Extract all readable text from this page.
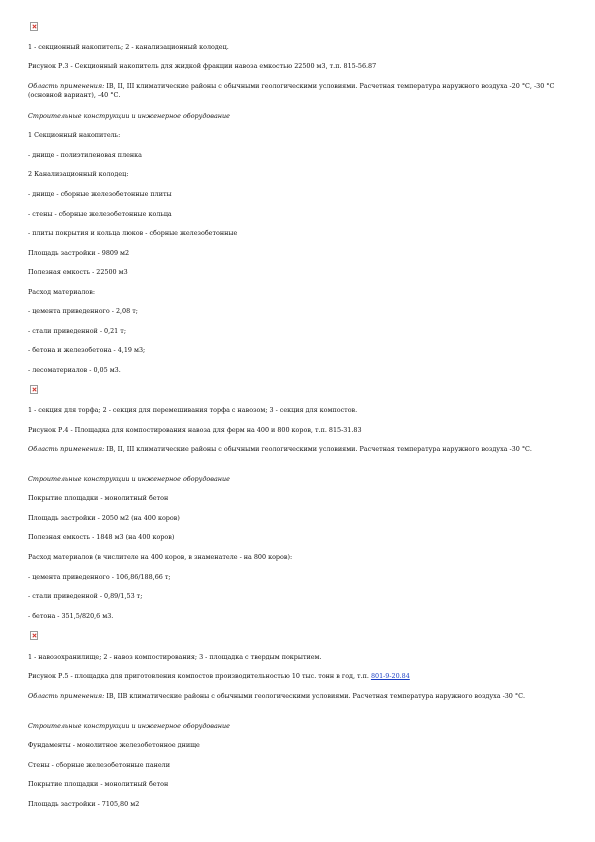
1 - секционный накопитель; 2 - канализационный колодец.
Рисунок Р.3 - Секционный накопитель для жидкой фракции навоза емкостью 22500 м3, т.п. 815-56.87
Область применения: IB, II, III климатические районы с обычными геологическими условиями. Расчетная температура наружного воздуха -20 °С, -30 °С (основной вариант), -40 °С.
Строительные конструкции и инженерное оборудование
1 Секционный накопитель:
- днище - полиэтиленовая пленка
2 Канализационный колодец:
- днище - сборные железобетонные плиты
- стены - сборные железобетонные кольца
- плиты покрытия и кольца люков - сборные железобетонные
Площадь застройки - 9809 м2
Полезная емкость - 22500 м3
Расход материалов:
- цемента приведенного - 2,08 т;
- стали приведенной - 0,21 т;
- бетона и железобетона - 4,19 м3;
- лесоматериалов - 0,05 м3.
1 - секция для торфа; 2 - секция для перемешивания торфа с навозом; 3 - секция для компостов.
Рисунок Р.4 - Площадка для компостирования навоза для ферм на 400 и 800 коров, т.п. 815-31.83
Область применения: IB, II, III климатические районы с обычными геологическими условиями. Расчетная температура наружного воздуха -30 °С.
Строительные конструкции и инженерное оборудование
Покрытие площадки - монолитный бетон
Площадь застройки - 2050 м2 (на 400 коров)
Полезная емкость - 1848 м3 (на 400 коров)
Расход материалов (в числителе на 400 коров, в знаменателе - на 800 коров):
- цемента приведенного - 106,86/188,66 т;
- стали приведенной - 0,89/1,53 т;
- бетона - 351,5/820,6 м3.
1 - навозохранилище; 2 - навоз компостирования; 3 - площадка с твердым покрытием.
Рисунок Р.5 - площадка для приготовления компостов производительностью 10 тыс. тонн в год, т.п. 801-9-20.84
Область применения: IB, IIB климатические районы с обычными геологическими условиями. Расчетная температура наружного воздуха -30 °С.
Строительные конструкции и инженерное оборудование
Фундаменты - монолитное железобетонное днище
Стены - сборные железобетонные панели
Покрытие площадки - монолитный бетон
Площадь застройки - 7105,80 м2
